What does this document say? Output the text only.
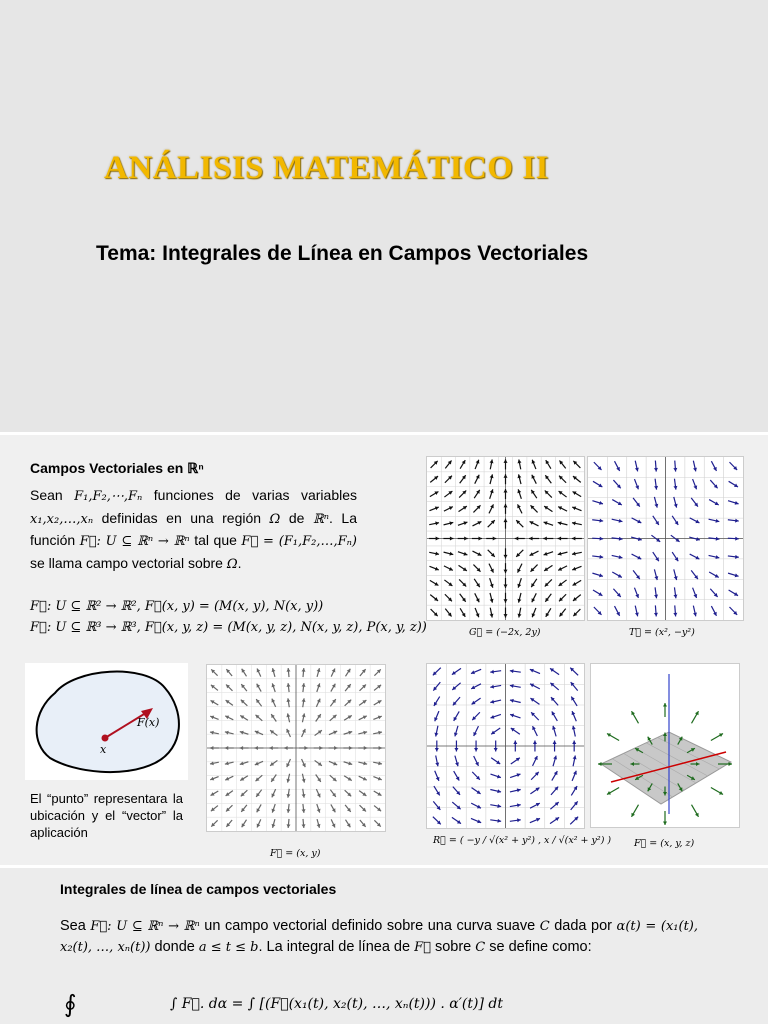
ANÁLISIS MATEMÁTICO II
Tema: Integrales de Línea en Campos Vectoriales
Campos Vectoriales en ℝⁿ
Sean F₁,F₂,⋯,Fₙ funciones de varias variables x₁,x₂,…,xₙ definidas en una región Ω de ℝⁿ. La función F⃗: U ⊆ ℝⁿ → ℝⁿ tal que F⃗ = (F₁,F₂,…,Fₙ) se llama campo vectorial sobre Ω.
F⃗: U ⊆ ℝ² → ℝ², F⃗(x, y) = (M(x, y), N(x, y))
F⃗: U ⊆ ℝ³ → ℝ³, F⃗(x, y, z) = (M(x, y, z), N(x, y, z), P(x, y, z))	G⃗ = (−2x, 2y)	T⃗ = (x², −y²)
F(x)
x
El “punto” representara la ubicación y el “vector” la aplicación
F⃗ = (x, y)
R⃗ = ( −y / √(x² + y²) , x / √(x² + y²) ) F⃗ = (x, y, z)
Integrales de línea de campos vectoriales
Sea F⃗: U ⊆ ℝⁿ → ℝⁿ un campo vectorial definido sobre una curva suave C dada por α(t) = (x₁(t), x₂(t), …, xₙ(t)) donde a ≤ t ≤ b. La integral de línea de F⃗ sobre C se define como:
∮	∫ F⃗. dα = ∫ [(F⃗(x₁(t), x₂(t), …, xₙ(t))) . α′(t)] dt
